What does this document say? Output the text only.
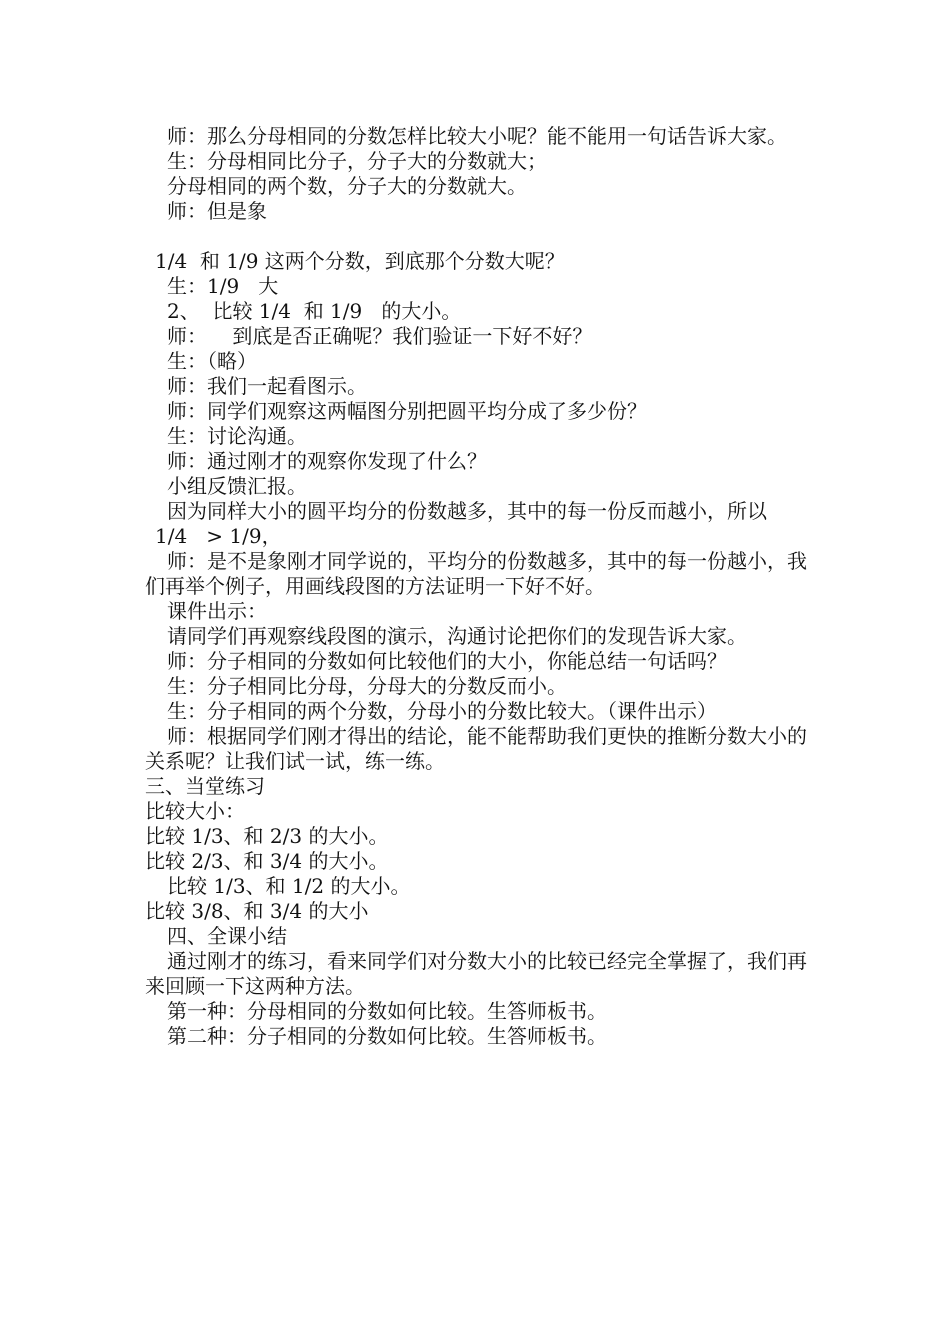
师：那么分母相同的分数怎样比较大小呢？能不能用一句话告诉大家。

生：分母相同比分子，分子大的分数就大；

分母相同的两个数，分子大的分数就大。

师：但是象

1/4  和 1/9 这两个分数，到底那个分数大呢？

生：1/9   大

2、  比较 1/4  和 1/9   的大小。

师：    到底是否正确呢？我们验证一下好不好？

生：（略）

师：我们一起看图示。

师：同学们观察这两幅图分别把圆平均分成了多少份？

生：讨论沟通。

师：通过刚才的观察你发现了什么？

小组反馈汇报。

因为同样大小的圆平均分的份数越多，其中的每一份反而越小，所以

1/4   > 1/9，

师：是不是象刚才同学说的，平均分的份数越多，其中的每一份越小，我们再举个例子，用画线段图的方法证明一下好不好。

课件出示：

请同学们再观察线段图的演示，沟通讨论把你们的发现告诉大家。

师：分子相同的分数如何比较他们的大小，你能总结一句话吗？

生：分子相同比分母，分母大的分数反而小。

生：分子相同的两个分数，分母小的分数比较大。（课件出示）

师：根据同学们刚才得出的结论，能不能帮助我们更快的推断分数大小的关系呢？让我们试一试，练一练。

三、当堂练习

比较大小：

比较 1/3、和 2/3 的大小。

比较 2/3、和 3/4 的大小。

比较 1/3、和 1/2 的大小。

比较 3/8、和 3/4 的大小

四、全课小结

通过刚才的练习，看来同学们对分数大小的比较已经完全掌握了，我们再来回顾一下这两种方法。

第一种：分母相同的分数如何比较。生答师板书。

第二种：分子相同的分数如何比较。生答师板书。
